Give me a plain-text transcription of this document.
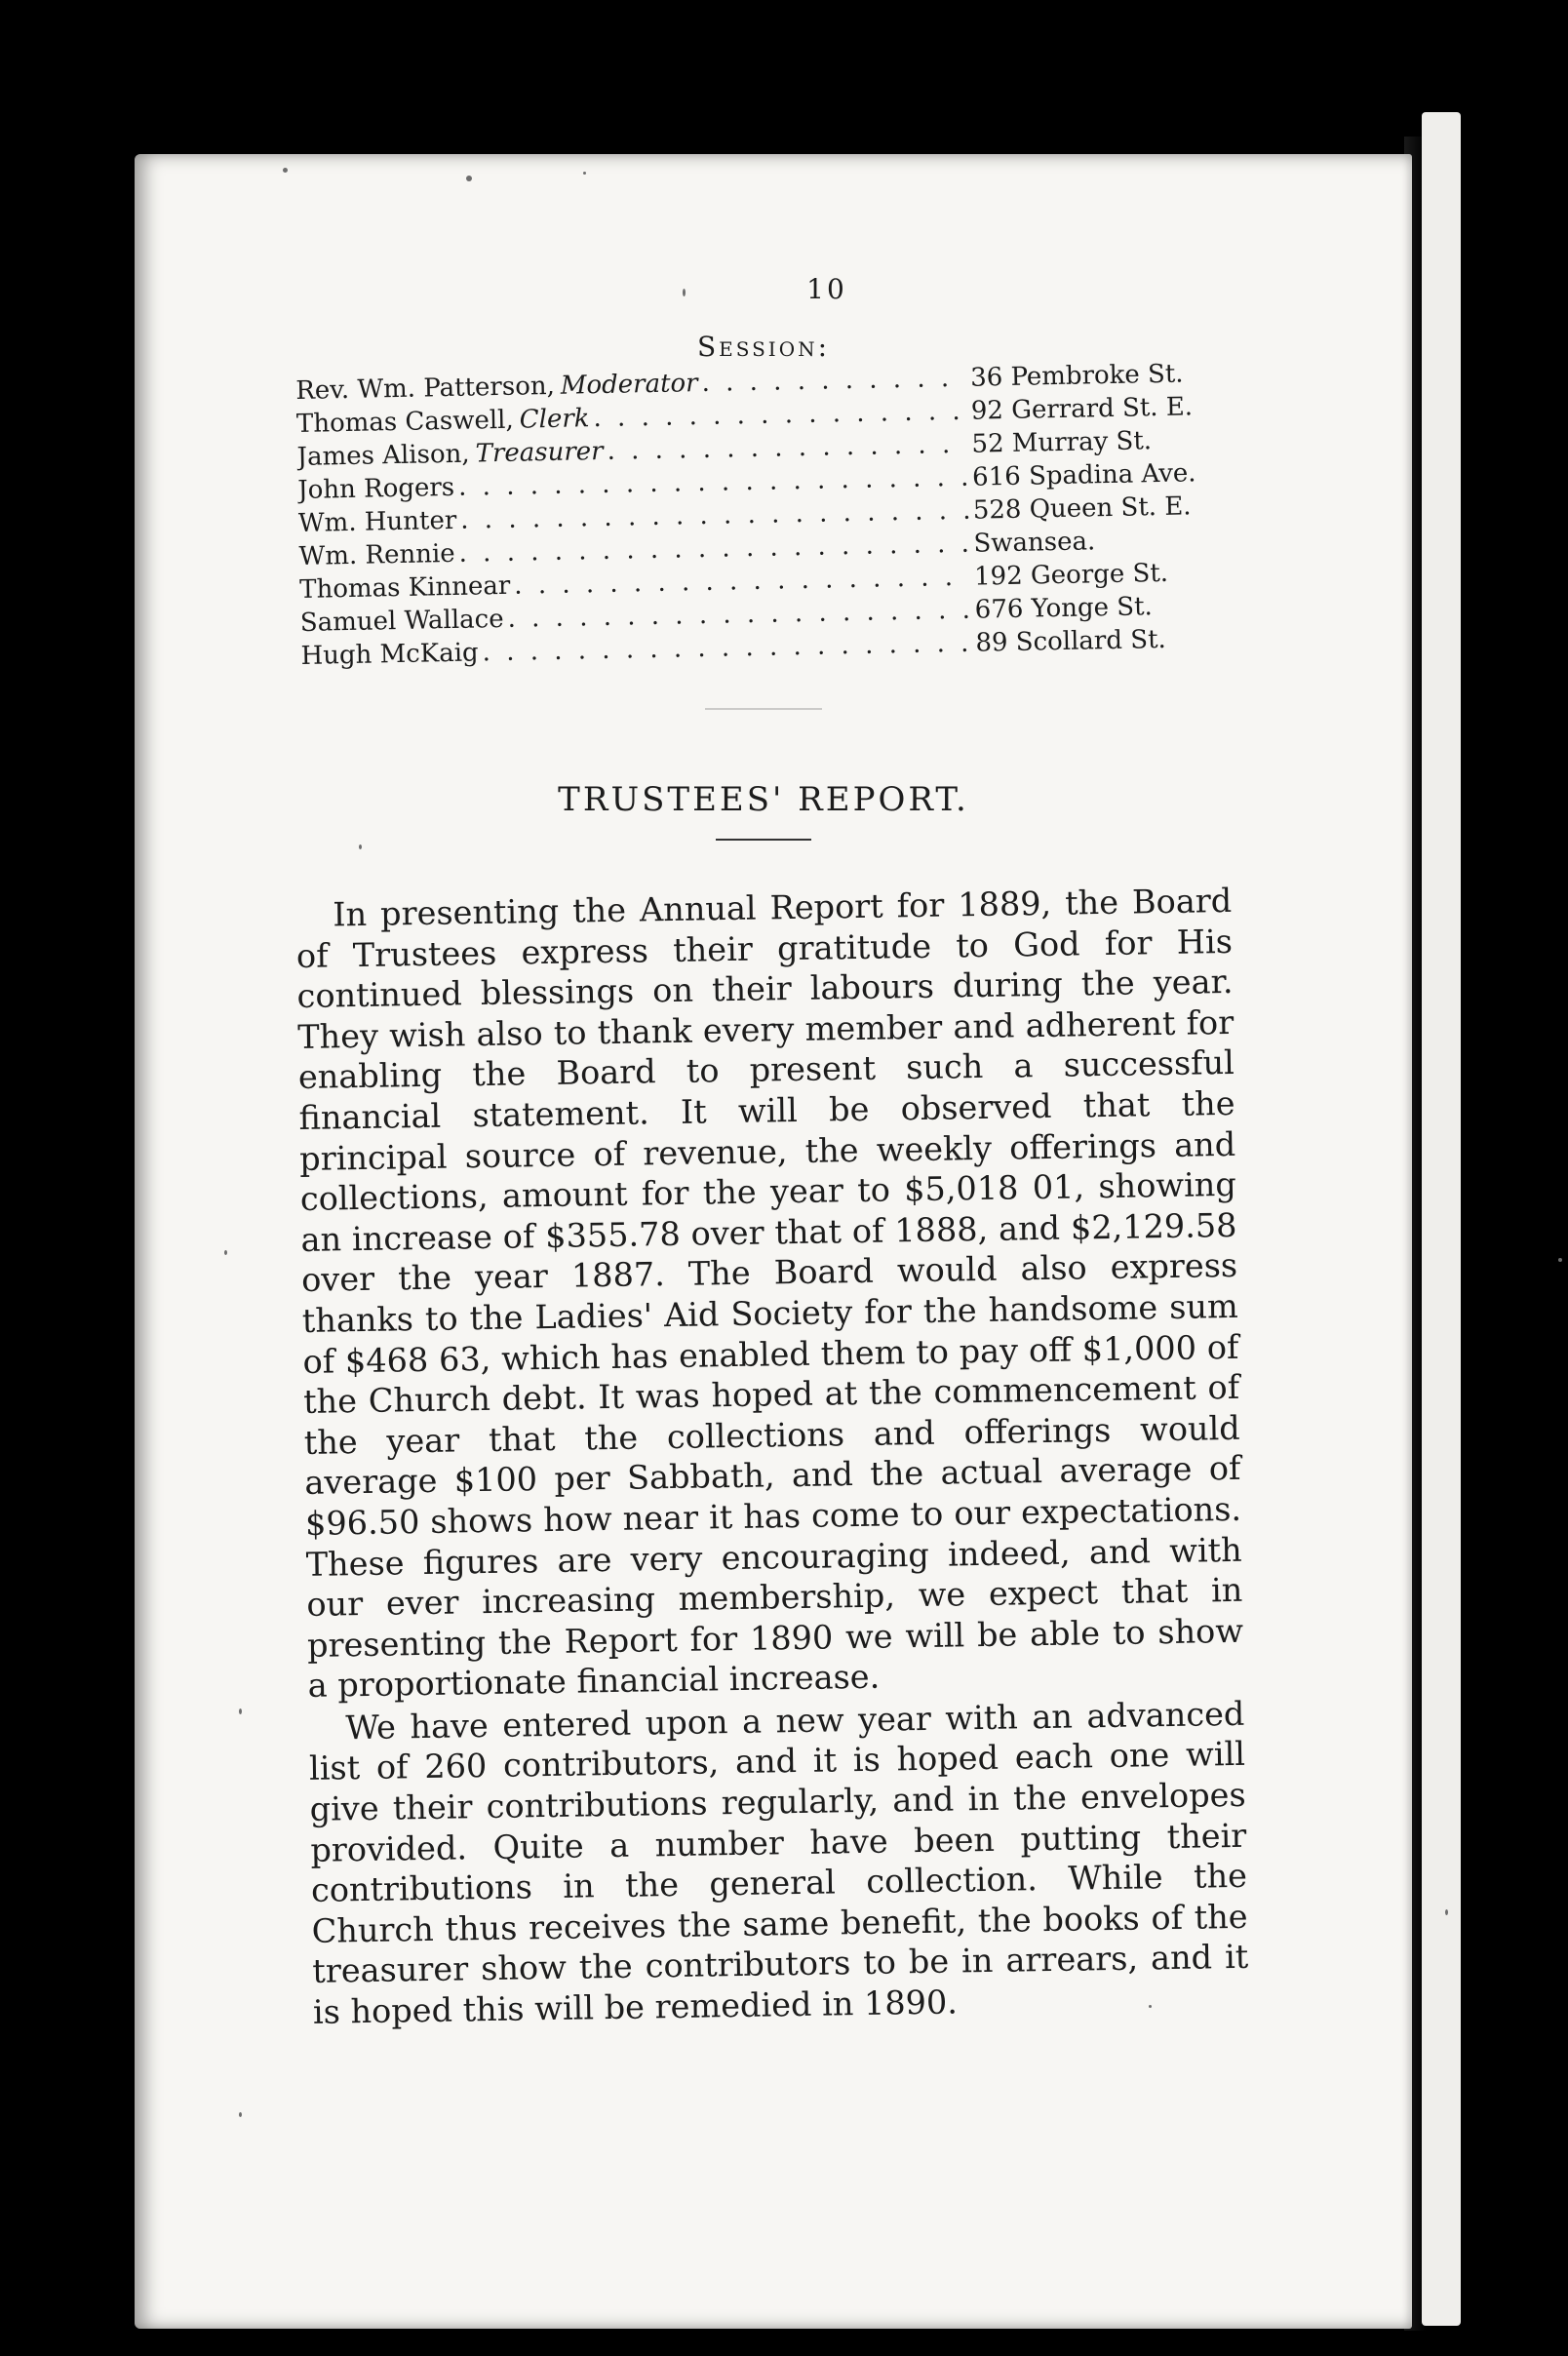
10
Session:
Rev. Wm. Patterson, Moderator . . .	36 Pembroke St.
Thomas Caswell, Clerk . . .	92 Gerrard St. E.
James Alison, Treasurer . . .	52 Murray St.
John Rogers . . .	616 Spadina Ave.
Wm. Hunter . . .	528 Queen St. E.
Wm. Rennie . . .	Swansea.
Thomas Kinnear . . .	192 George St.
Samuel Wallace . . .	676 Yonge St.
Hugh McKaig . . .	89 Scollard St.
TRUSTEES' REPORT.

In presenting the Annual Report for 1889, the Board of Trustees express their gratitude to God for His continued blessings on their labours during the year. They wish also to thank every member and adherent for enabling the Board to present such a successful financial statement. It will be observed that the principal source of revenue, the weekly offerings and collections, amount for the year to $5,018 01, showing an increase of $355.78 over that of 1888, and $2,129.58 over the year 1887. The Board would also express thanks to the Ladies' Aid Society for the handsome sum of $468 63, which has enabled them to pay off $1,000 of the Church debt. It was hoped at the commencement of the year that the collections and offerings would average $100 per Sabbath, and the actual average of $96.50 shows how near it has come to our expectations. These figures are very encouraging indeed, and with our ever increasing membership, we expect that in presenting the Report for 1890 we will be able to show a proportionate financial increase.

We have entered upon a new year with an advanced list of 260 contributors, and it is hoped each one will give their contributions regularly, and in the envelopes provided. Quite a number have been putting their contributions in the general collection. While the Church thus receives the same benefit, the books of the treasurer show the contributors to be in arrears, and it is hoped this will be remedied in 1890.
